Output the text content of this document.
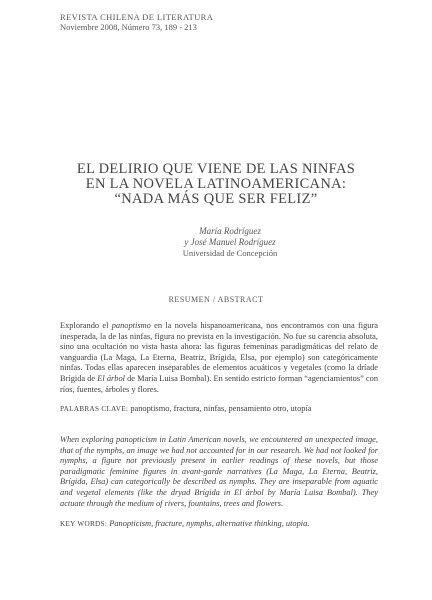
REVISTA CHILENA DE LITERATURA
Noviembre 2008, Número 73, 189 - 213
EL DELIRIO QUE VIENE DE LAS NINFAS
EN LA NOVELA LATINOAMERICANA:
“NADA MÁS QUE SER FELIZ”
María Rodríguez
y José Manuel Rodríguez
Universidad de Concepción
RESUMEN / ABSTRACT
Explorando el panoptismo en la novela hispanoamericana, nos encontramos con una figura inesperada, la de las ninfas, figura no prevista en la investigación. No fue su carencia absoluta, sino una ocultación no vista hasta ahora: las figuras femeninas paradigmáticas del relato de vanguardia (La Maga, La Eterna, Beatriz, Brígida, Elsa, por ejemplo) son categóricamente ninfas. Todas ellas aparecen inseparables de elementos acuáticos y vegetales (como la dríade Brígida de El árbol de María Luisa Bombal). En sentido estricto forman “agenciamientos” con ríos, fuentes, árboles y flores.
PALABRAS CLAVE: panoptismo, fractura, ninfas, pensamiento otro, utopía
When exploring panopticism in Latin American novels, we encountered an unexpected image, that of the nymphs, an image we had not accounted for in our research. We had not looked for nymphs, a figure not previously present in earlier readings of these novels, but those paradigmatic feminine figures in avant-garde narratives (La Maga, La Eterna, Beatriz, Brígida, Elsa) can categorically be described as nymphs. They are inseparable from aquatic and vegetal elements (like the dryad Brígida in El árbol by María Luisa Bombal). They actuate through the medium of rivers, fountains, trees and flowers.
KEY WORDS: Panopticism, fracture, nymphs, alternative thinking, utopia.
